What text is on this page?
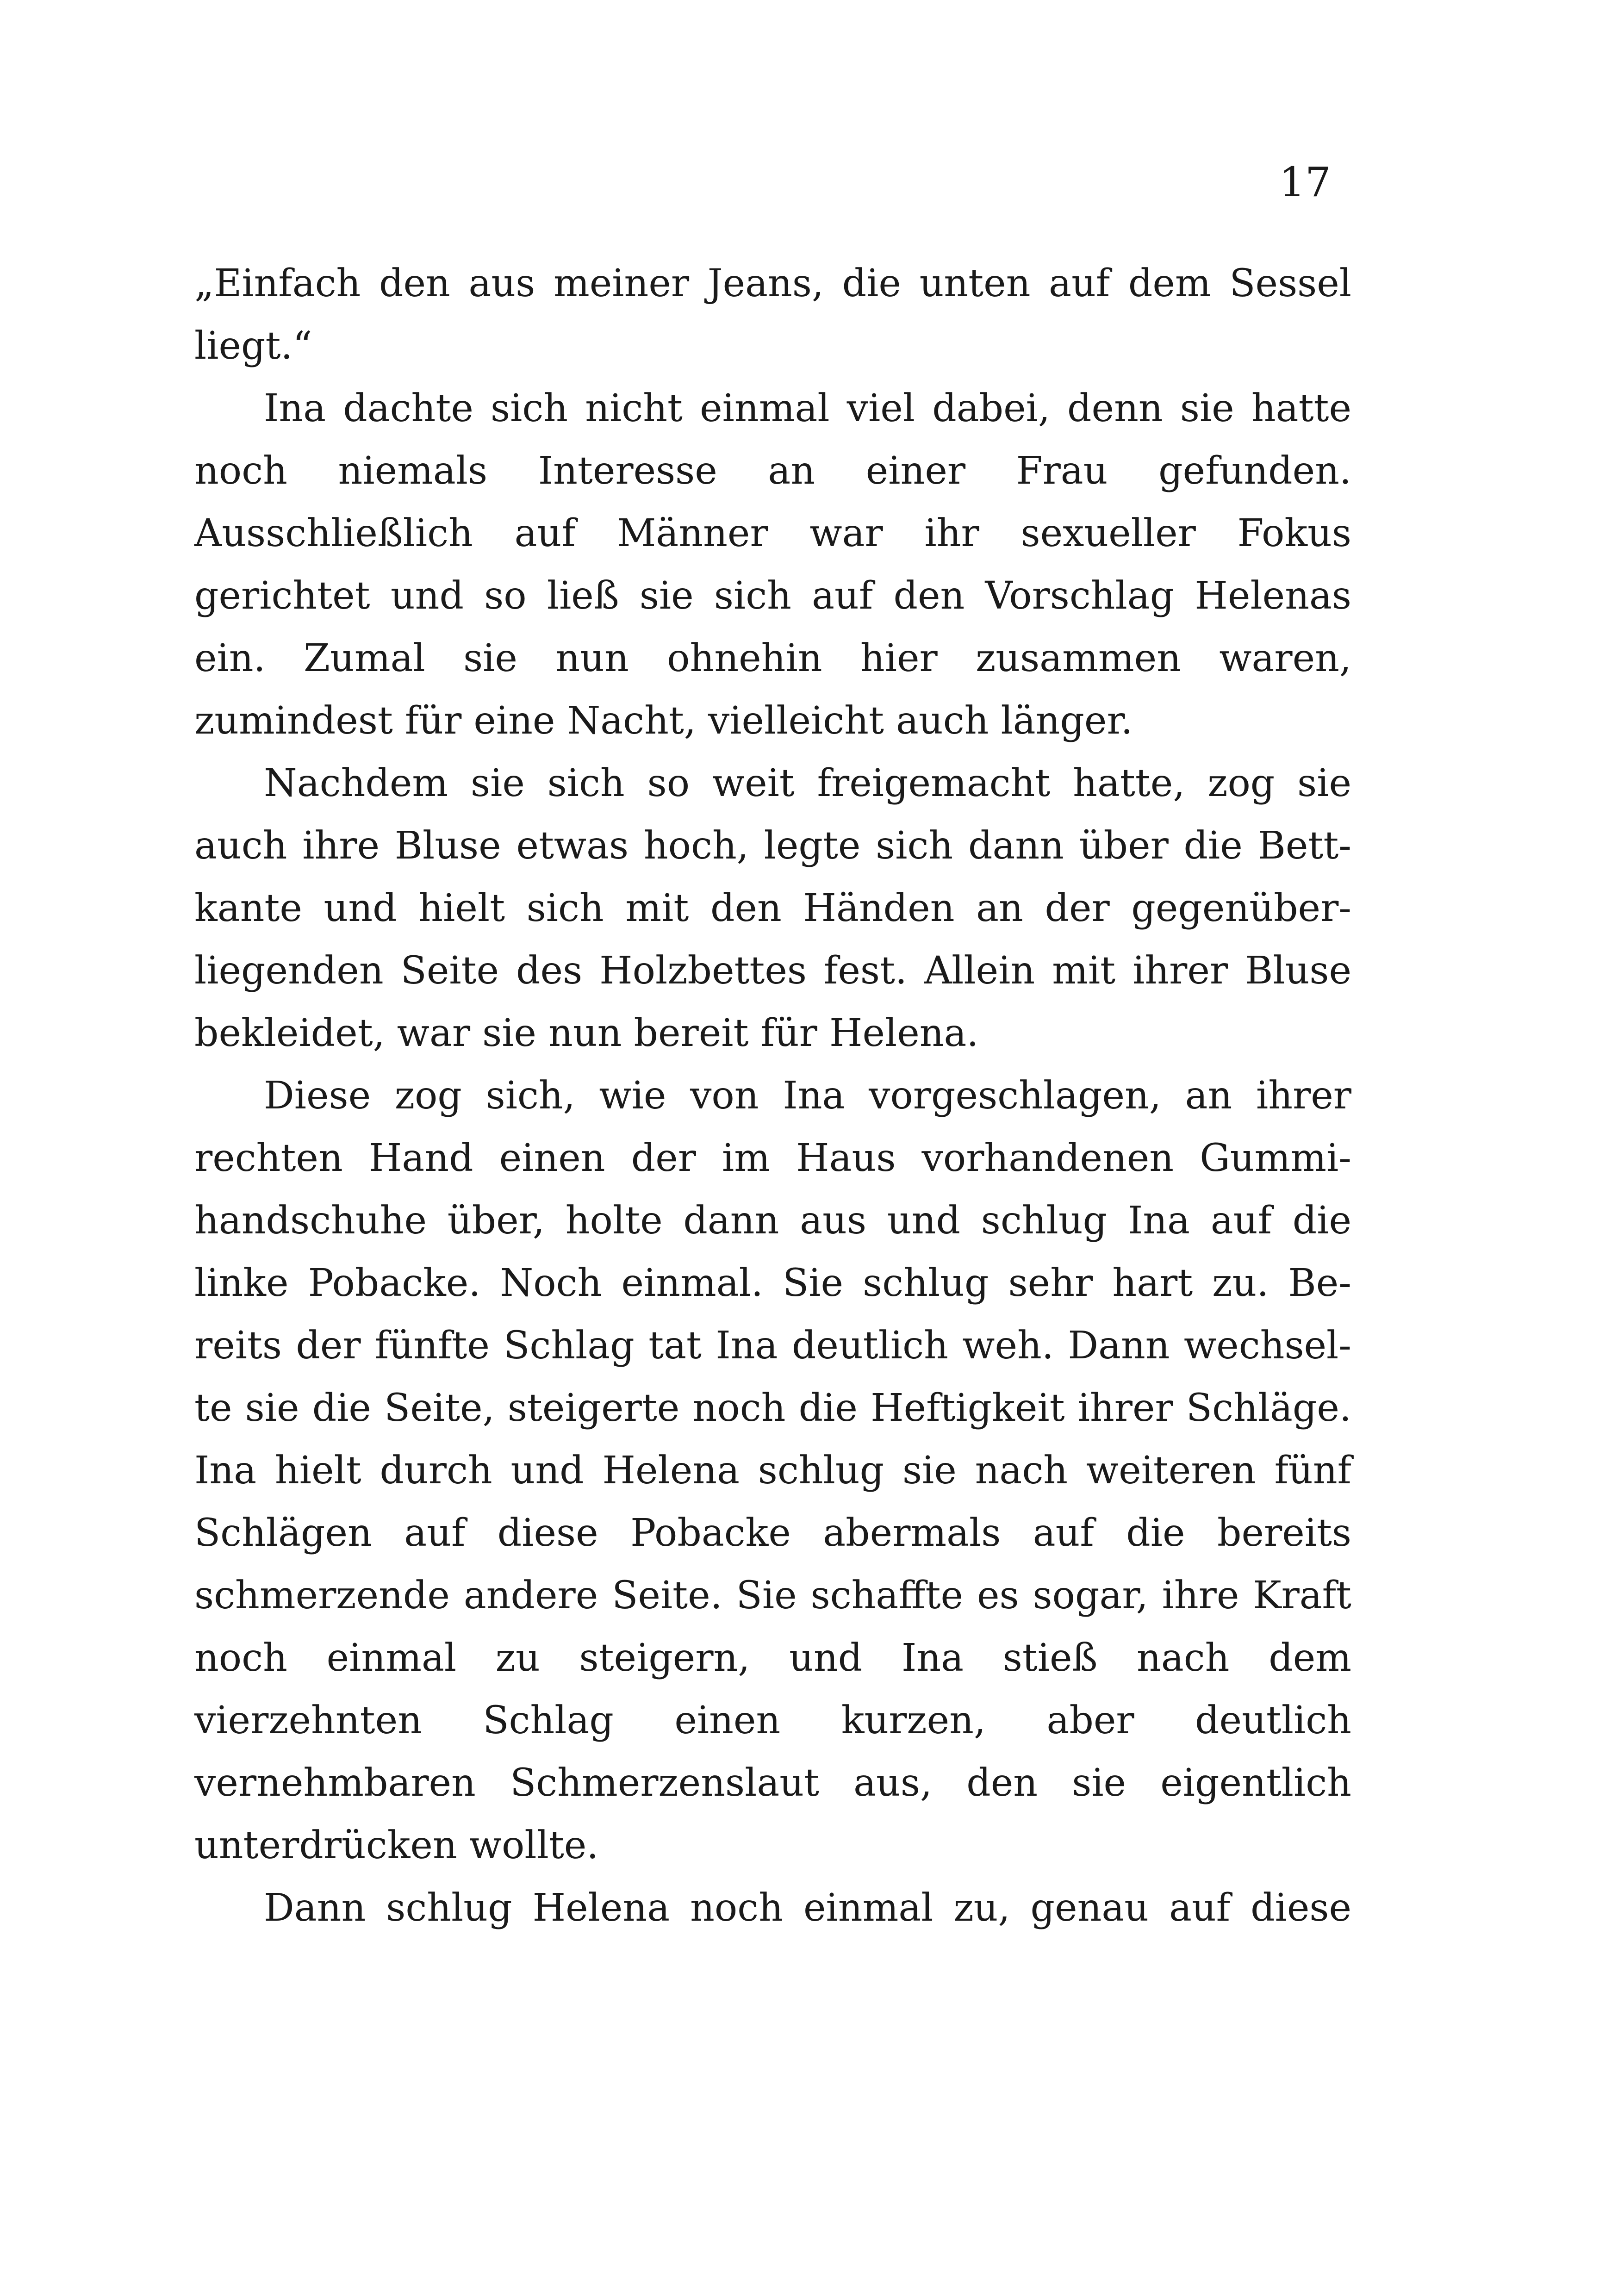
17

„Einfach den aus meiner Jeans, die unten auf dem Sessel liegt.“

Ina dachte sich nicht einmal viel dabei, denn sie hatte noch niemals Interesse an einer Frau gefunden. Ausschließlich auf Männer war ihr sexueller Fokus gerichtet und so ließ sie sich auf den Vorschlag Helenas ein. Zumal sie nun ohnehin hier zusammen waren, zumindest für eine Nacht, vielleicht auch länger.

Nachdem sie sich so weit freigemacht hatte, zog sie auch ihre Bluse etwas hoch, legte sich dann über die Bettkante und hielt sich mit den Händen an der gegenüberliegenden Seite des Holzbettes fest. Allein mit ihrer Bluse bekleidet, war sie nun bereit für Helena.

Diese zog sich, wie von Ina vorgeschlagen, an ihrer rechten Hand einen der im Haus vorhandenen Gummihandschuhe über, holte dann aus und schlug Ina auf die linke Pobacke. Noch einmal. Sie schlug sehr hart zu. Bereits der fünfte Schlag tat Ina deutlich weh. Dann wechselte sie die Seite, steigerte noch die Heftigkeit ihrer Schläge. Ina hielt durch und Helena schlug sie nach weiteren fünf Schlägen auf diese Pobacke abermals auf die bereits schmerzende andere Seite. Sie schaffte es sogar, ihre Kraft noch einmal zu steigern, und Ina stieß nach dem vierzehnten Schlag einen kurzen, aber deutlich vernehmbaren Schmerzenslaut aus, den sie eigentlich unterdrücken wollte.

Dann schlug Helena noch einmal zu, genau auf diese
